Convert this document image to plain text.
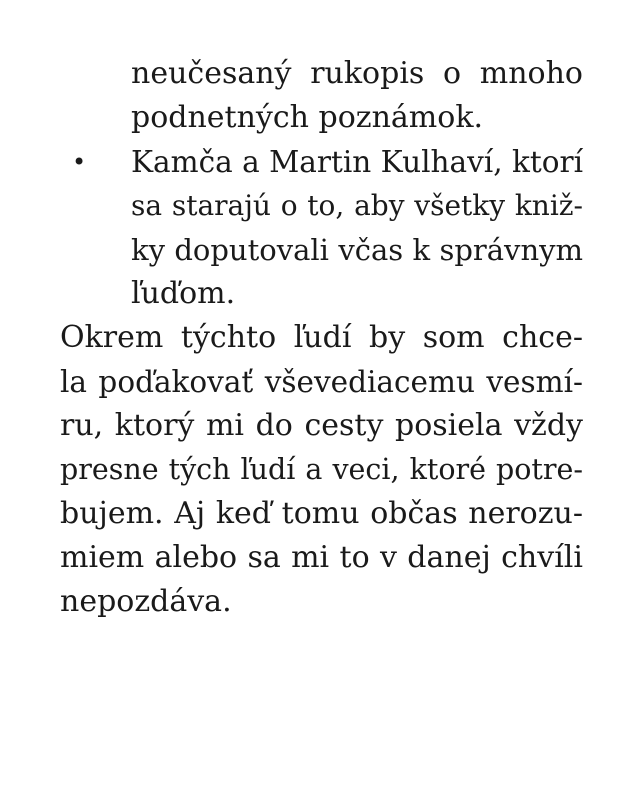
neučesaný rukopis o mnoho
podnetných poznámok.
• Kamča a Martin Kulhaví, ktorí
sa starajú o to, aby všetky kniž-
ky doputovali včas k správnym
ľuďom.
Okrem týchto ľudí by som chce-
la poďakovať vševediacemu vesmí-
ru, ktorý mi do cesty posiela vždy
presne tých ľudí a veci, ktoré potre-
bujem. Aj keď tomu občas nerozu-
miem alebo sa mi to v danej chvíli
nepozdáva.
